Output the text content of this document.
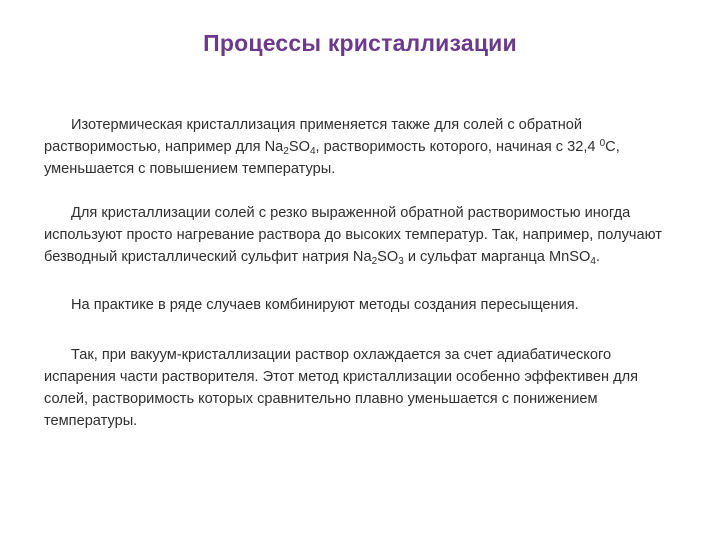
Процессы кристаллизации

Изотермическая кристаллизация применяется также для солей с обратной растворимостью, например для $Na_2SO_4$, растворимость которого, начиная с 32,4 $^0$С, уменьшается с повышением температуры.

Для кристаллизации солей с резко выраженной обратной растворимостью иногда используют просто нагревание раствора до высоких температур. Так, например, получают безводный кристаллический сульфит натрия $Na_2SO_3$ и сульфат марганца MnSO$_4$.

На практике в ряде случаев комбинируют методы создания пересыщения.

Так, при вакуум-кристаллизации раствор охлаждается за счет адиабатического испарения части растворителя. Этот метод кристаллизации особенно эффективен для солей, растворимость которых сравнительно плавно уменьшается с понижением температуры.
